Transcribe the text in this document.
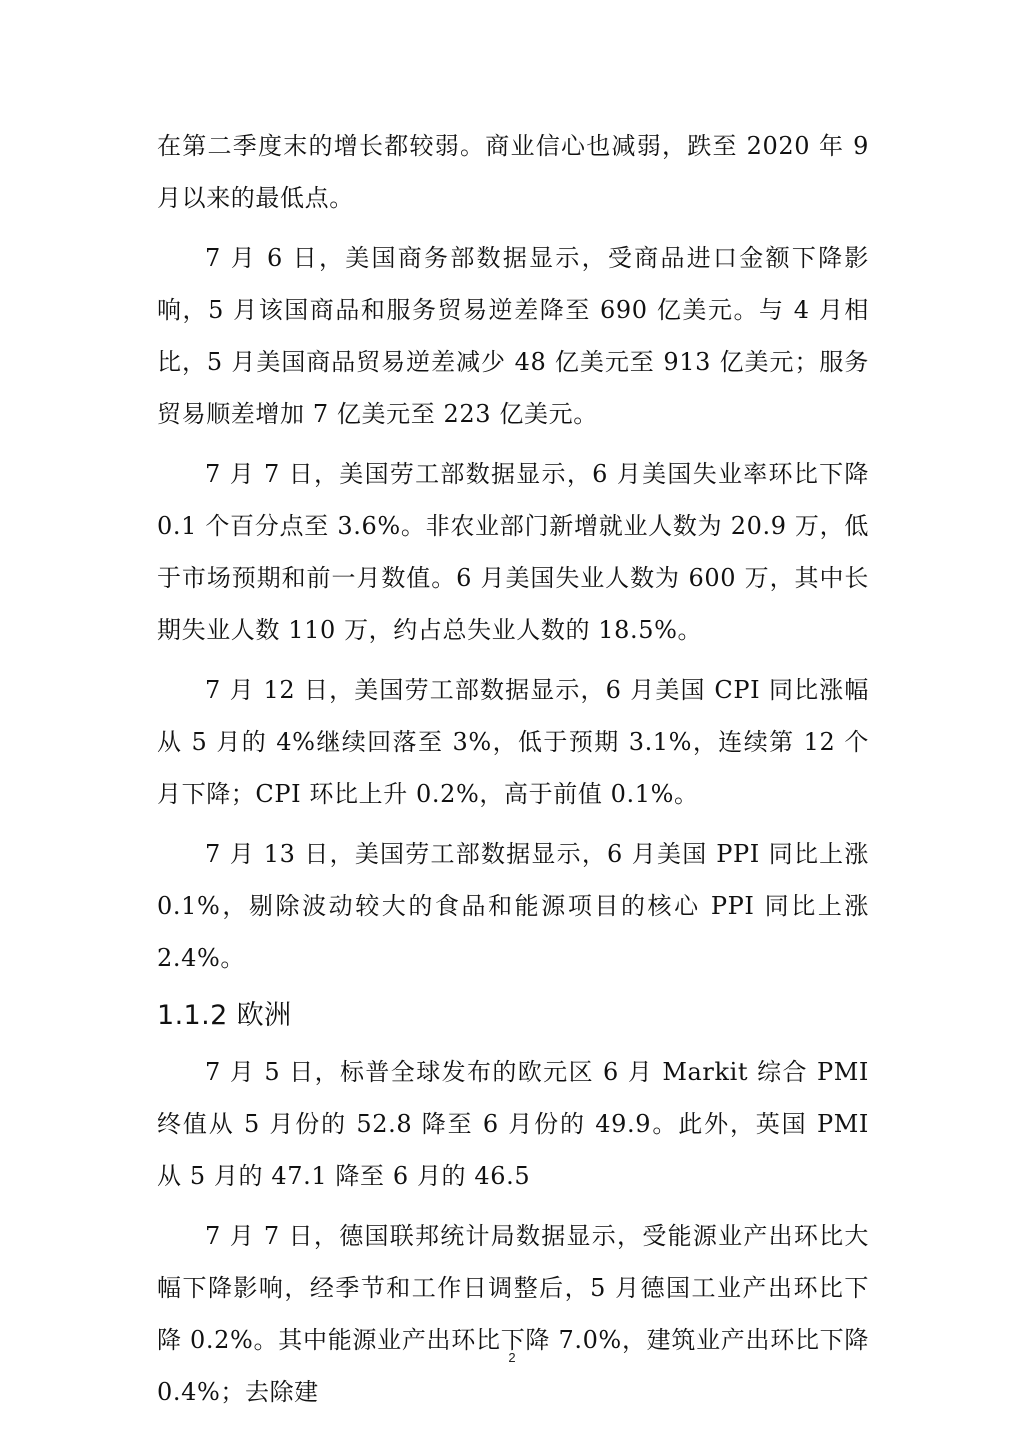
在第二季度末的增长都较弱。商业信心也减弱，跌至 2020 年 9 月以来的最低点。

7 月 6 日，美国商务部数据显示，受商品进口金额下降影响，5 月该国商品和服务贸易逆差降至 690 亿美元。与 4 月相比，5 月美国商品贸易逆差减少 48 亿美元至 913 亿美元；服务贸易顺差增加 7 亿美元至 223 亿美元。

7 月 7 日，美国劳工部数据显示，6 月美国失业率环比下降 0.1 个百分点至 3.6%。非农业部门新增就业人数为 20.9 万，低于市场预期和前一月数值。6 月美国失业人数为 600 万，其中长期失业人数 110 万，约占总失业人数的 18.5%。

7 月 12 日，美国劳工部数据显示，6 月美国 CPI 同比涨幅从 5 月的 4%继续回落至 3%，低于预期 3.1%，连续第 12 个月下降；CPI 环比上升 0.2%，高于前值 0.1%。

7 月 13 日，美国劳工部数据显示，6 月美国 PPI 同比上涨 0.1%，剔除波动较大的食品和能源项目的核心 PPI 同比上涨 2.4%。

1.1.2 欧洲

7 月 5 日，标普全球发布的欧元区 6 月 Markit 综合 PMI 终值从 5 月份的 52.8 降至 6 月份的 49.9。此外，英国 PMI 从 5 月的 47.1 降至 6 月的 46.5

7 月 7 日，德国联邦统计局数据显示，受能源业产出环比大幅下降影响，经季节和工作日调整后，5 月德国工业产出环比下降 0.2%。其中能源业产出环比下降 7.0%，建筑业产出环比下降 0.4%；去除建

2
